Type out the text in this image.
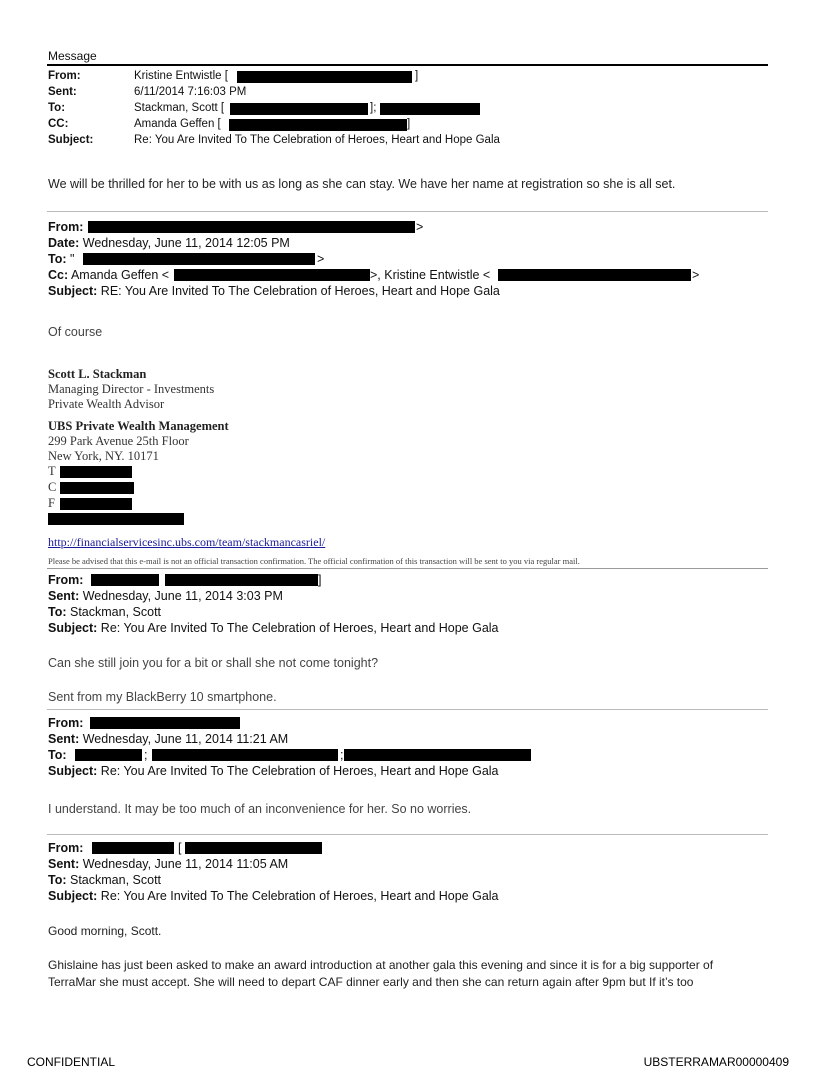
Message
From:	Kristine Entwistle [	]
Sent:	6/11/2014 7:16:03 PM
To:	Stackman, Scott [	];
CC:	Amanda Geffen [	]
Subject:	Re: You Are Invited To The Celebration of Heroes, Heart and Hope Gala
We will be thrilled for her to be with us as long as she can stay. We have her name at registration so she is all set.
From:	>
Date: Wednesday, June 11, 2014 12:05 PM
To: "	>
Cc: Amanda Geffen <	>, Kristine Entwistle <	>
Subject: RE: You Are Invited To The Celebration of Heroes, Heart and Hope Gala
Of course
Scott L. Stackman
Managing Director - Investments
Private Wealth Advisor
UBS Private Wealth Management
299 Park Avenue 25th Floor
New York, NY. 10171
T
C
F
http://financialservicesinc.ubs.com/team/stackmancasriel/
Please be advised that this e-mail is not an official transaction confirmation. The official confirmation of this transaction will be sent to you via regular mail.
From:	]
Sent: Wednesday, June 11, 2014 3:03 PM
To: Stackman, Scott
Subject: Re: You Are Invited To The Celebration of Heroes, Heart and Hope Gala
Can she still join you for a bit or shall she not come tonight?
Sent from my BlackBerry 10 smartphone.
From:
Sent: Wednesday, June 11, 2014 11:21 AM
To:	;	;
Subject: Re: You Are Invited To The Celebration of Heroes, Heart and Hope Gala
I understand. It may be too much of an inconvenience for her. So no worries.
From:	[
Sent: Wednesday, June 11, 2014 11:05 AM
To: Stackman, Scott
Subject: Re: You Are Invited To The Celebration of Heroes, Heart and Hope Gala
Good morning, Scott.
Ghislaine has just been asked to make an award introduction at another gala this evening and since it is for a big supporter of
TerraMar she must accept. She will need to depart CAF dinner early and then she can return again after 9pm but If it’s too
CONFIDENTIAL	UBSTERRAMAR00000409
